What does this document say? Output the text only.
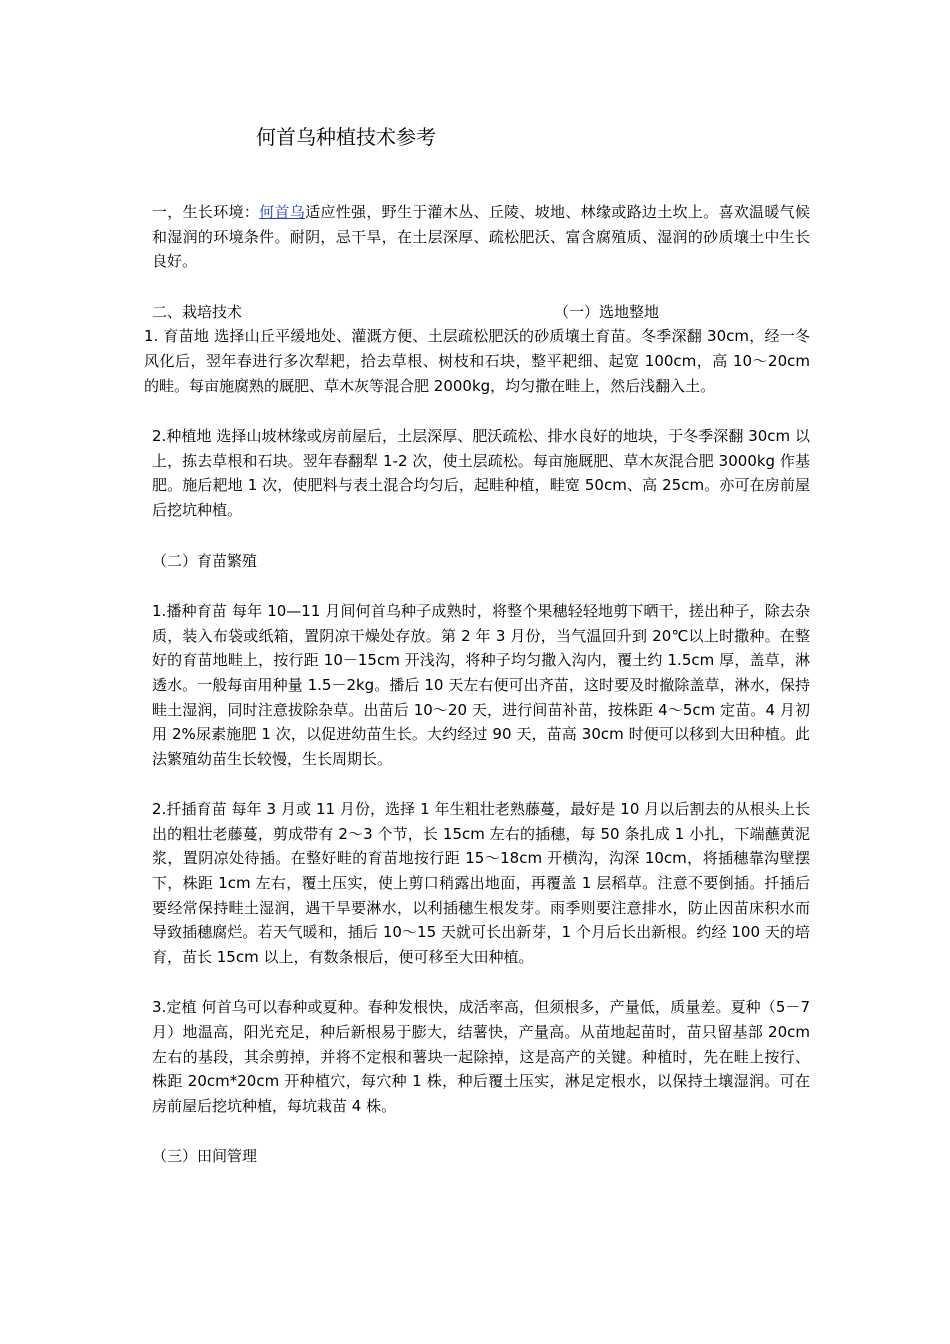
何首乌种植技术参考

一，生长环境：何首乌适应性强，野生于灌木丛、丘陵、坡地、林缘或路边土坎上。喜欢温暖气候和湿润的环境条件。耐阴，忌干旱，在土层深厚、疏松肥沃、富含腐殖质、湿润的砂质壤土中生长良好。

二、栽培技术	（一）选地整地

1. 育苗地 选择山丘平缓地处、灌溉方便、土层疏松肥沃的砂质壤土育苗。冬季深翻 30cm，经一冬风化后，翌年春进行多次犁耙，拾去草根、树枝和石块，整平耙细、起宽 100cm，高 10～20cm 的畦。每亩施腐熟的厩肥、草木灰等混合肥 2000kg，均匀撒在畦上，然后浅翻入土。

2.种植地 选择山坡林缘或房前屋后，土层深厚、肥沃疏松、排水良好的地块，于冬季深翻 30cm 以上，拣去草根和石块。翌年春翻犁 1-2 次，使土层疏松。每亩施厩肥、草木灰混合肥 3000kg 作基肥。施后耙地 1 次，使肥料与表土混合均匀后，起畦种植，畦宽 50cm、高 25cm。亦可在房前屋后挖坑种植。

（二）育苗繁殖

1.播种育苗 每年 10—11 月间何首乌种子成熟时，将整个果穗轻轻地剪下晒干，搓出种子，除去杂质，装入布袋或纸箱，置阴凉干燥处存放。第 2 年 3 月份，当气温回升到 20℃以上时撒种。在整好的育苗地畦上，按行距 10－15cm 开浅沟，将种子均匀撒入沟内，覆土约 1.5cm 厚，盖草，淋透水。一般每亩用种量 1.5－2kg。播后 10 天左右便可出齐苗，这时要及时撤除盖草，淋水，保持畦土湿润，同时注意拔除杂草。出苗后 10～20 天，进行间苗补苗，按株距 4～5cm 定苗。4 月初用 2%尿素施肥 1 次，以促进幼苗生长。大约经过 90 天，苗高 30cm 时便可以移到大田种植。此法繁殖幼苗生长较慢，生长周期长。

2.扦插育苗 每年 3 月或 11 月份，选择 1 年生粗壮老熟藤蔓，最好是 10 月以后割去的从根头上长出的粗壮老藤蔓，剪成带有 2～3 个节，长 15cm 左右的插穗，每 50 条扎成 1 小扎，下端蘸黄泥浆，置阴凉处待插。在整好畦的育苗地按行距 15～18cm 开横沟，沟深 10cm，将插穗靠沟壁摆下，株距 1cm 左右，覆土压实，使上剪口稍露出地面，再覆盖 1 层稻草。注意不要倒插。扦插后要经常保持畦土湿润，遇干旱要淋水，以利插穗生根发芽。雨季则要注意排水，防止因苗床积水而导致插穗腐烂。若天气暖和，插后 10～15 天就可长出新芽，1 个月后长出新根。约经 100 天的培育，苗长 15cm 以上，有数条根后，便可移至大田种植。

3.定植 何首乌可以春种或夏种。春种发根快，成活率高，但须根多，产量低，质量差。夏种（5－7 月）地温高，阳光充足，种后新根易于膨大，结薯快，产量高。从苗地起苗时，苗只留基部 20cm 左右的基段，其余剪掉，并将不定根和薯块一起除掉，这是高产的关键。种植时，先在畦上按行、株距 20cm*20cm 开种植穴，每穴种 1 株，种后覆土压实，淋足定根水，以保持土壤湿润。可在房前屋后挖坑种植，每坑栽苗 4 株。

（三）田间管理
